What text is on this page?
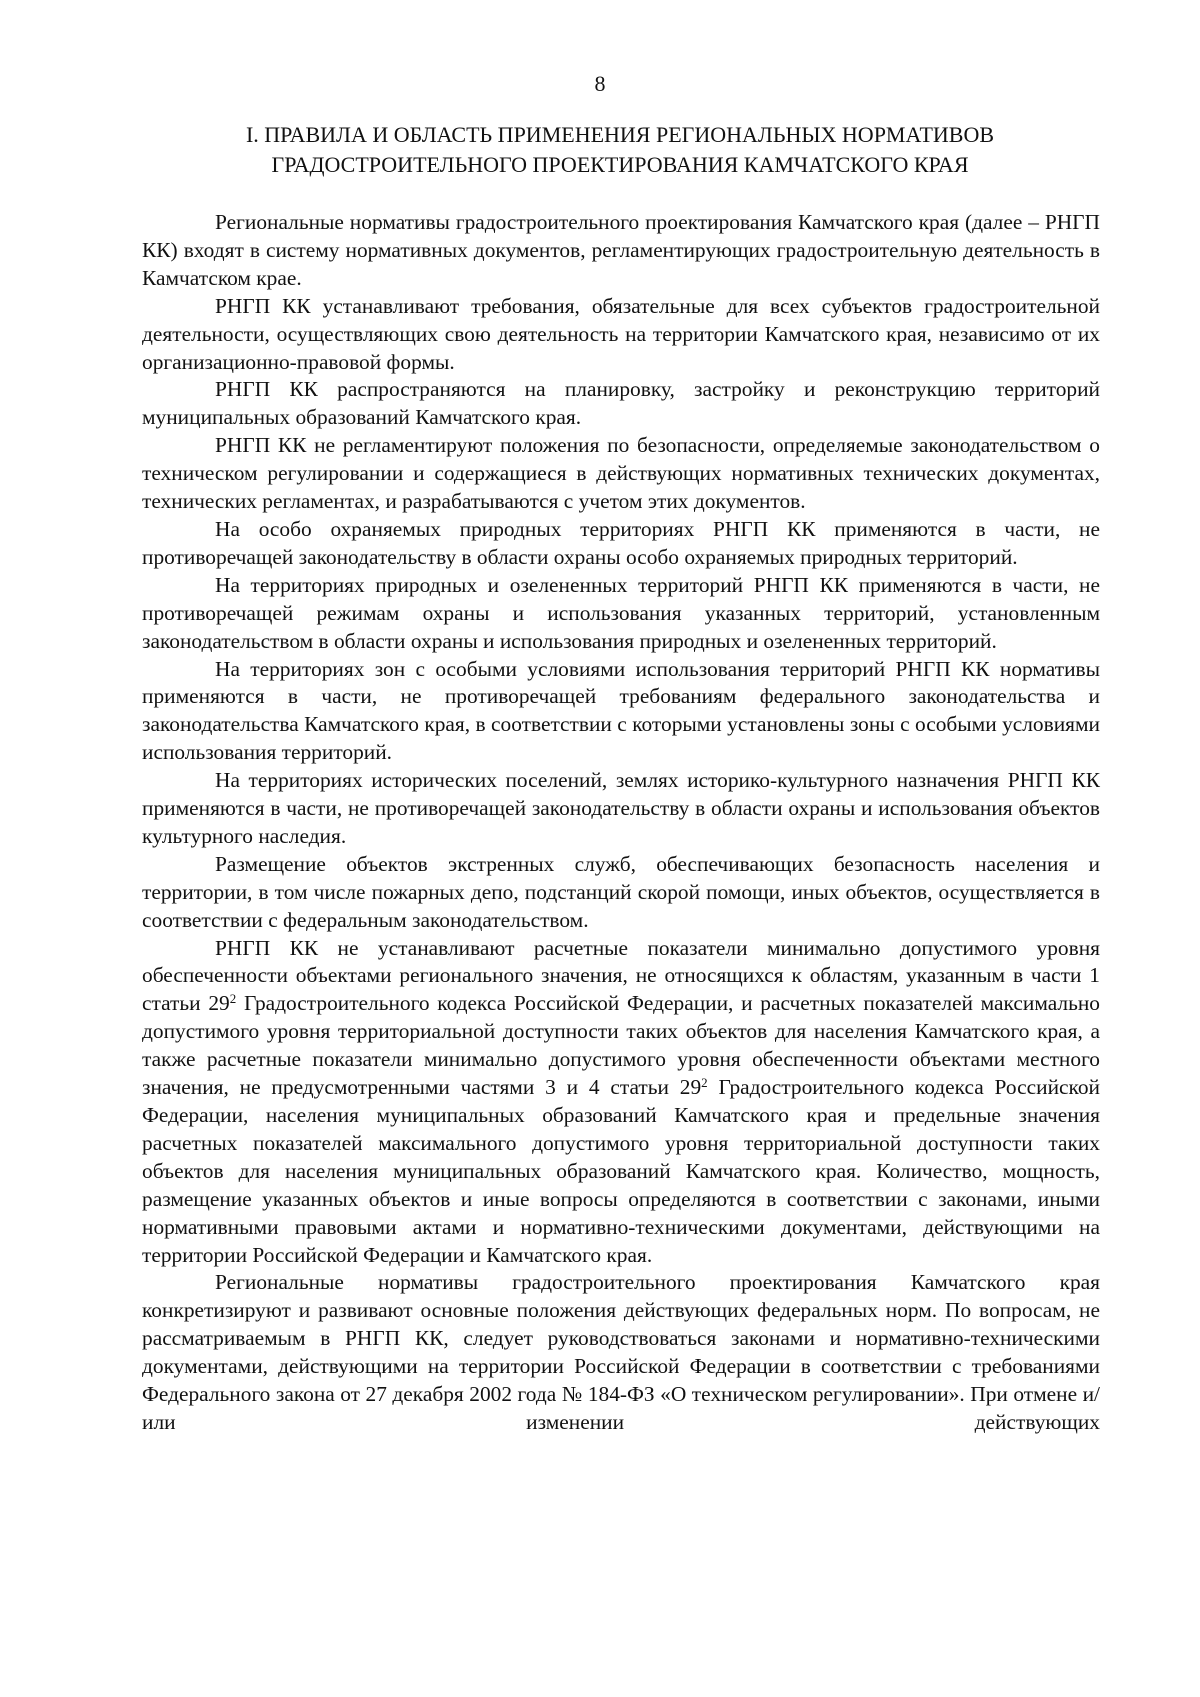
8
I. ПРАВИЛА И ОБЛАСТЬ ПРИМЕНЕНИЯ РЕГИОНАЛЬНЫХ НОРМАТИВОВ
ГРАДОСТРОИТЕЛЬНОГО ПРОЕКТИРОВАНИЯ КАМЧАТСКОГО КРАЯ

Региональные нормативы градостроительного проектирования Камчатского края (далее – РНГП КК) входят в систему нормативных документов, регламентирующих градостроительную деятельность в Камчатском крае.

РНГП КК устанавливают требования, обязательные для всех субъектов градостроительной деятельности, осуществляющих свою деятельность на территории Камчатского края, независимо от их организационно-правовой формы.

РНГП КК распространяются на планировку, застройку и реконструкцию территорий муниципальных образований Камчатского края.

РНГП КК не регламентируют положения по безопасности, определяемые законодательством о техническом регулировании и содержащиеся в действующих нормативных технических документах, технических регламентах, и разрабатываются с учетом этих документов.

На особо охраняемых природных территориях РНГП КК применяются в части, не противоречащей законодательству в области охраны особо охраняемых природных территорий.

На территориях природных и озелененных территорий РНГП КК применяются в части, не противоречащей режимам охраны и использования указанных территорий, установленным законодательством в области охраны и использования природных и озелененных территорий.

На территориях зон с особыми условиями использования территорий РНГП КК нормативы применяются в части, не противоречащей требованиям федерального законодательства и законодательства Камчатского края, в соответствии с которыми установлены зоны с особыми условиями использования территорий.

На территориях исторических поселений, землях историко-культурного назначения РНГП КК применяются в части, не противоречащей законодательству в области охраны и использования объектов культурного наследия.

Размещение объектов экстренных служб, обеспечивающих безопасность населения и территории, в том числе пожарных депо, подстанций скорой помощи, иных объектов, осуществляется в соответствии с федеральным законодательством.

РНГП КК не устанавливают расчетные показатели минимально допустимого уровня обеспеченности объектами регионального значения, не относящихся к областям, указанным в части 1 статьи $29^2$ Градостроительного кодекса Российской Федерации, и расчетных показателей максимально допустимого уровня территориальной доступности таких объектов для населения Камчатского края, а также расчетные показатели минимально допустимого уровня обеспеченности объектами местного значения, не предусмотренными частями 3 и 4 статьи $29^2$ Градостроительного кодекса Российской Федерации, населения муниципальных образований Камчатского края и предельные значения расчетных показателей максимального допустимого уровня территориальной доступности таких объектов для населения муниципальных образований Камчатского края. Количество, мощность, размещение указанных объектов и иные вопросы определяются в соответствии с законами, иными нормативными правовыми актами и нормативно-техническими документами, действующими на территории Российской Федерации и Камчатского края.

Региональные нормативы градостроительного проектирования Камчатского края конкретизируют и развивают основные положения действующих федеральных норм. По вопросам, не рассматриваемым в РНГП КК, следует руководствоваться законами и нормативно-техническими документами, действующими на территории Российской Федерации в соответствии с требованиями Федерального закона от 27 декабря 2002 года № 184-ФЗ «О техническом регулировании». При отмене и/или изменении действующих
